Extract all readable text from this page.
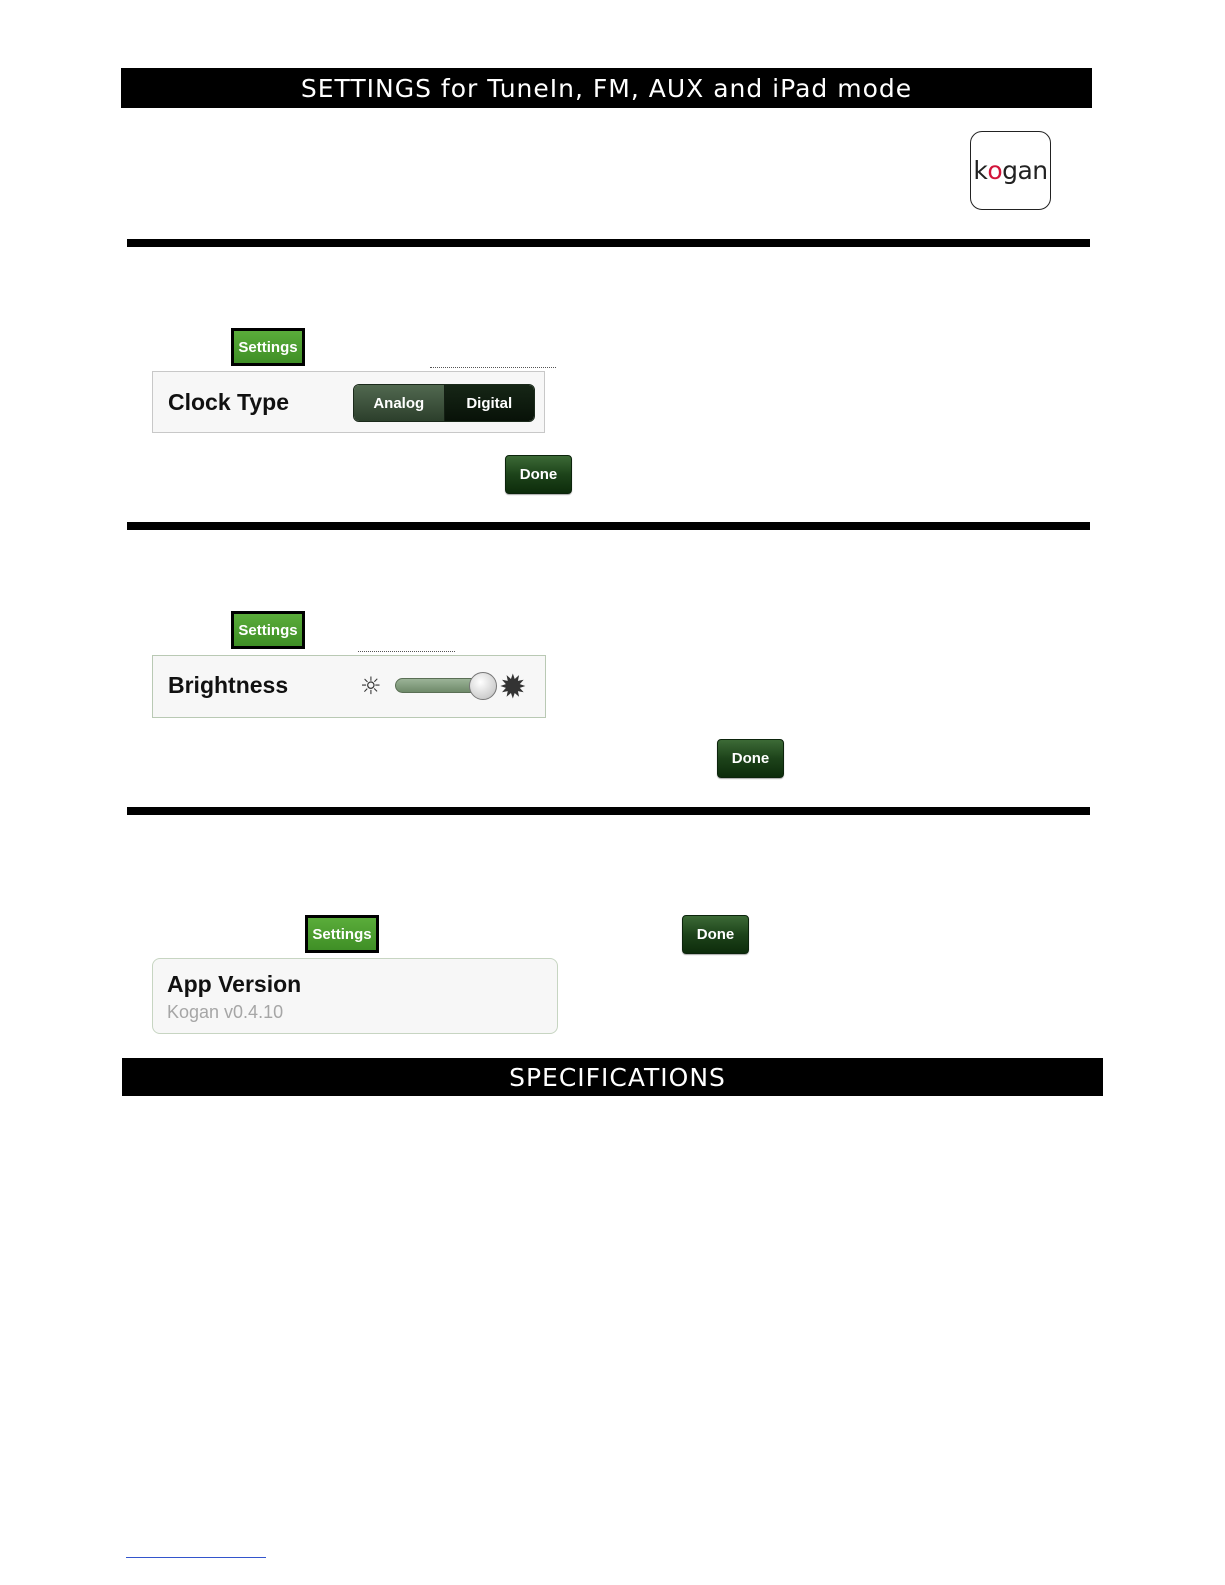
SETTINGS for TuneIn, FM, AUX and iPad mode
k o gan
Settings
Clock Type	Analog	Digital
Done
Settings
Brightness	☼	✹
Done
Settings	Done
App Version
Kogan v0.4.10
SPECIFICATIONS
